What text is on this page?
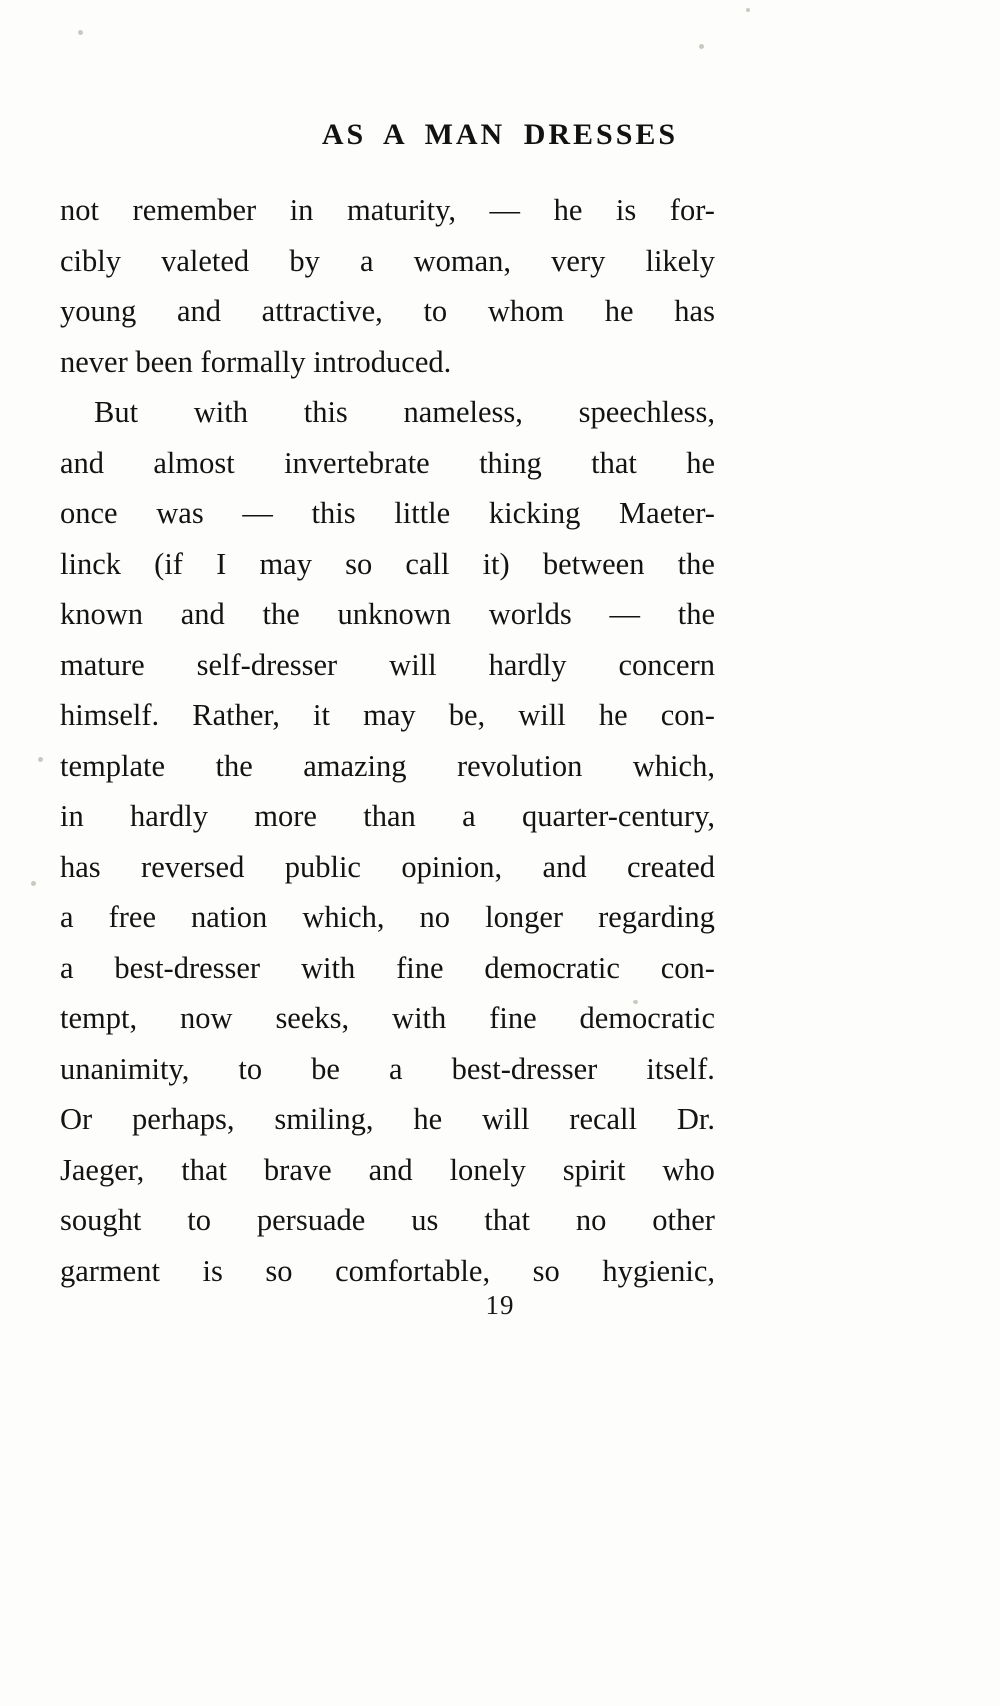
AS A MAN DRESSES
not remember in maturity, — he is for-
cibly valeted by a woman, very likely
young and attractive, to whom he has
never been formally introduced.
But with this nameless, speechless,
and almost invertebrate thing that he
once was — this little kicking Maeter-
linck (if I may so call it) between the
known and the unknown worlds — the
mature self-dresser will hardly concern
himself. Rather, it may be, will he con-
template the amazing revolution which,
in hardly more than a quarter-century,
has reversed public opinion, and created
a free nation which, no longer regarding
a best-dresser with fine democratic con-
tempt, now seeks, with fine democratic
unanimity, to be a best-dresser itself.
Or perhaps, smiling, he will recall Dr.
Jaeger, that brave and lonely spirit who
sought to persuade us that no other
garment is so comfortable, so hygienic,
19
